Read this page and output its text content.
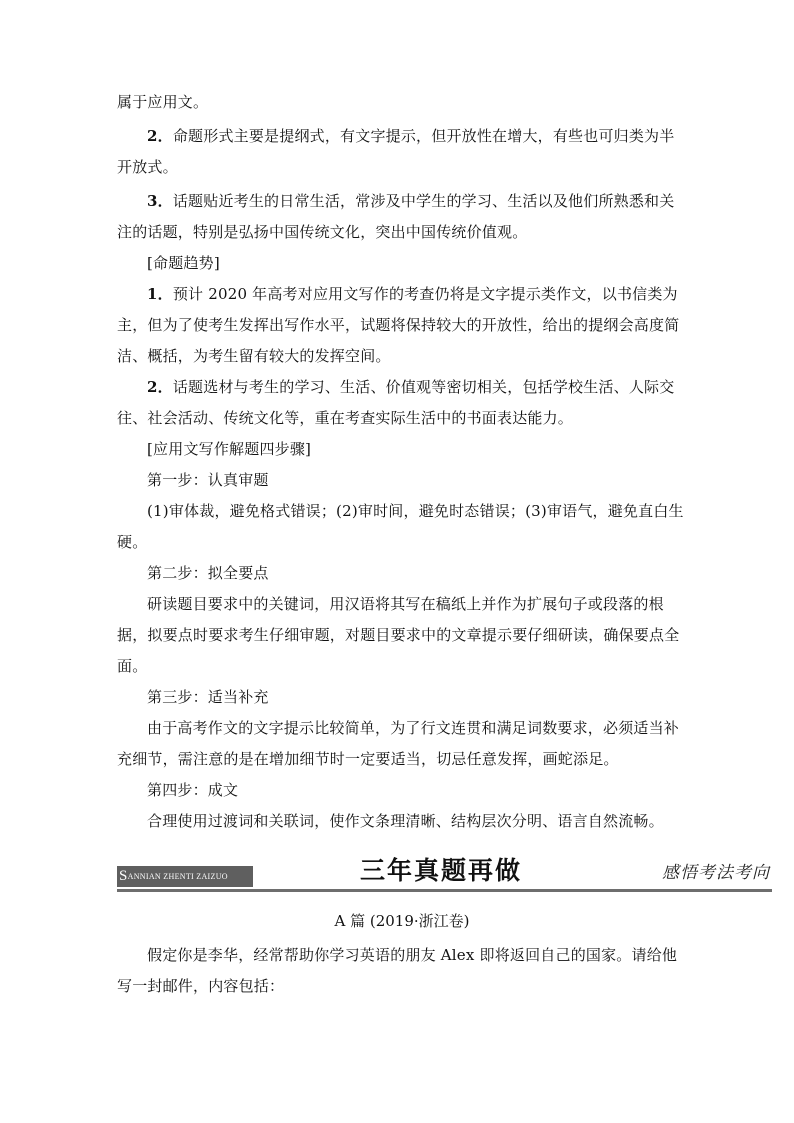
属于应用文。

2．命题形式主要是提纲式，有文字提示，但开放性在增大，有些也可归类为半开放式。

3．话题贴近考生的日常生活，常涉及中学生的学习、生活以及他们所熟悉和关注的话题，特别是弘扬中国传统文化，突出中国传统价值观。

[命题趋势]

1．预计 2020 年高考对应用文写作的考查仍将是文字提示类作文，以书信类为主，但为了使考生发挥出写作水平，试题将保持较大的开放性，给出的提纲会高度简洁、概括，为考生留有较大的发挥空间。

2．话题选材与考生的学习、生活、价值观等密切相关，包括学校生活、人际交往、社会活动、传统文化等，重在考查实际生活中的书面表达能力。

[应用文写作解题四步骤]

第一步：认真审题

(1)审体裁，避免格式错误；(2)审时间，避免时态错误；(3)审语气，避免直白生硬。

第二步：拟全要点

研读题目要求中的关键词，用汉语将其写在稿纸上并作为扩展句子或段落的根据，拟要点时要求考生仔细审题，对题目要求中的文章提示要仔细研读，确保要点全面。

第三步：适当补充

由于高考作文的文字提示比较简单，为了行文连贯和满足词数要求，必须适当补充细节，需注意的是在增加细节时一定要适当，切忌任意发挥，画蛇添足。

第四步：成文

合理使用过渡词和关联词，使作文条理清晰、结构层次分明、语言自然流畅。

SANNIAN ZHENTI ZAIZUO	三年真题再做	感悟考法考向
A 篇 (2019·浙江卷)

假定你是李华，经常帮助你学习英语的朋友 Alex 即将返回自己的国家。请给他写一封邮件，内容包括：
